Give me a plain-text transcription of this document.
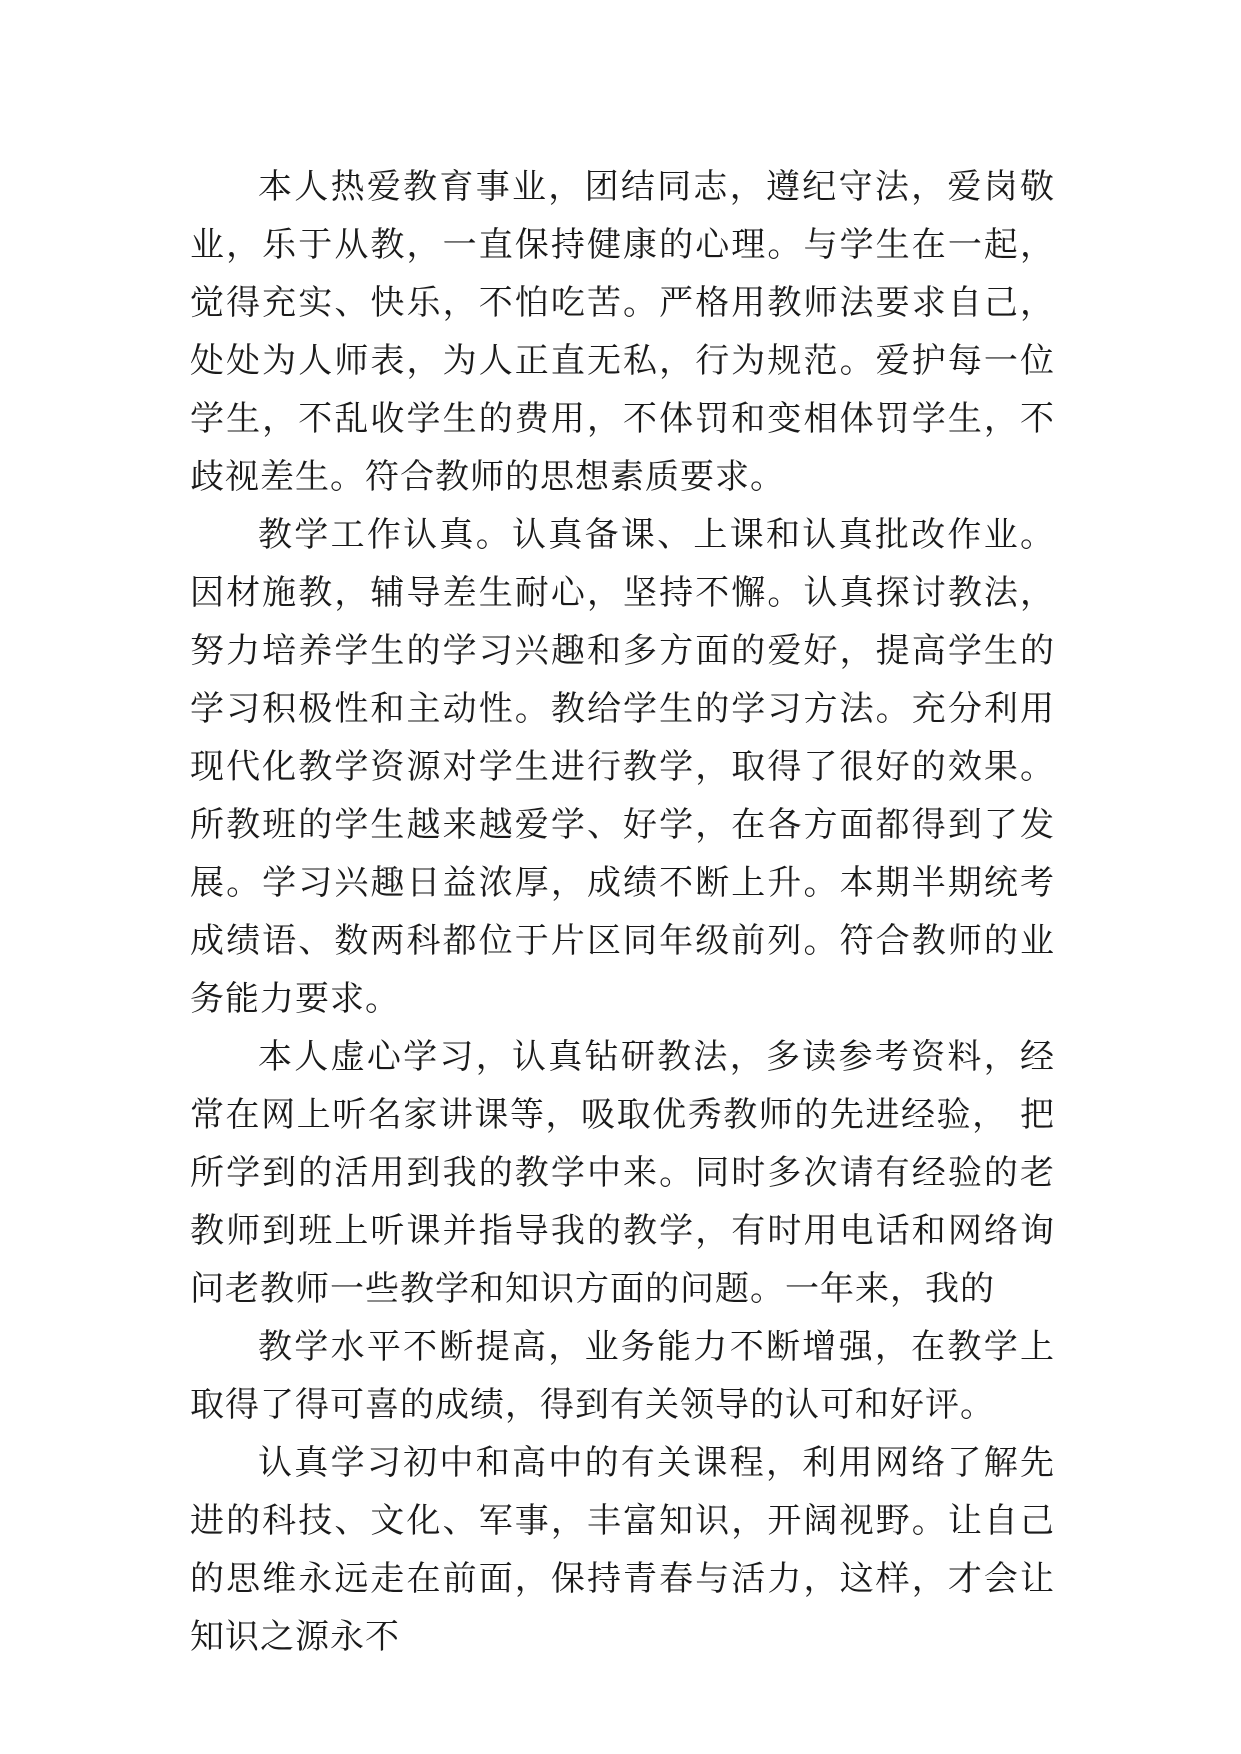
本人热爱教育事业，团结同志，遵纪守法，爱岗敬业，乐于从教，一直保持健康的心理。与学生在一起，觉得充实、快乐，不怕吃苦。严格用教师法要求自己，处处为人师表，为人正直无私，行为规范。爱护每一位学生，不乱收学生的费用，不体罚和变相体罚学生，不歧视差生。符合教师的思想素质要求。

教学工作认真。认真备课、上课和认真批改作业。因材施教，辅导差生耐心，坚持不懈。认真探讨教法，努力培养学生的学习兴趣和多方面的爱好，提高学生的学习积极性和主动性。教给学生的学习方法。充分利用现代化教学资源对学生进行教学，取得了很好的效果。所教班的学生越来越爱学、好学，在各方面都得到了发展。学习兴趣日益浓厚，成绩不断上升。本期半期统考成绩语、数两科都位于片区同年级前列。符合教师的业务能力要求。

本人虚心学习，认真钻研教法，多读参考资料，经常在网上听名家讲课等，吸取优秀教师的先进经验， 把所学到的活用到我的教学中来。同时多次请有经验的老教师到班上听课并指导我的教学，有时用电话和网络询问老教师一些教学和知识方面的问题。一年来，我的

教学水平不断提高，业务能力不断增强，在教学上取得了得可喜的成绩，得到有关领导的认可和好评。

认真学习初中和高中的有关课程，利用网络了解先进的科技、文化、军事，丰富知识，开阔视野。让自己的思维永远走在前面，保持青春与活力，这样，才会让知识之源永不
